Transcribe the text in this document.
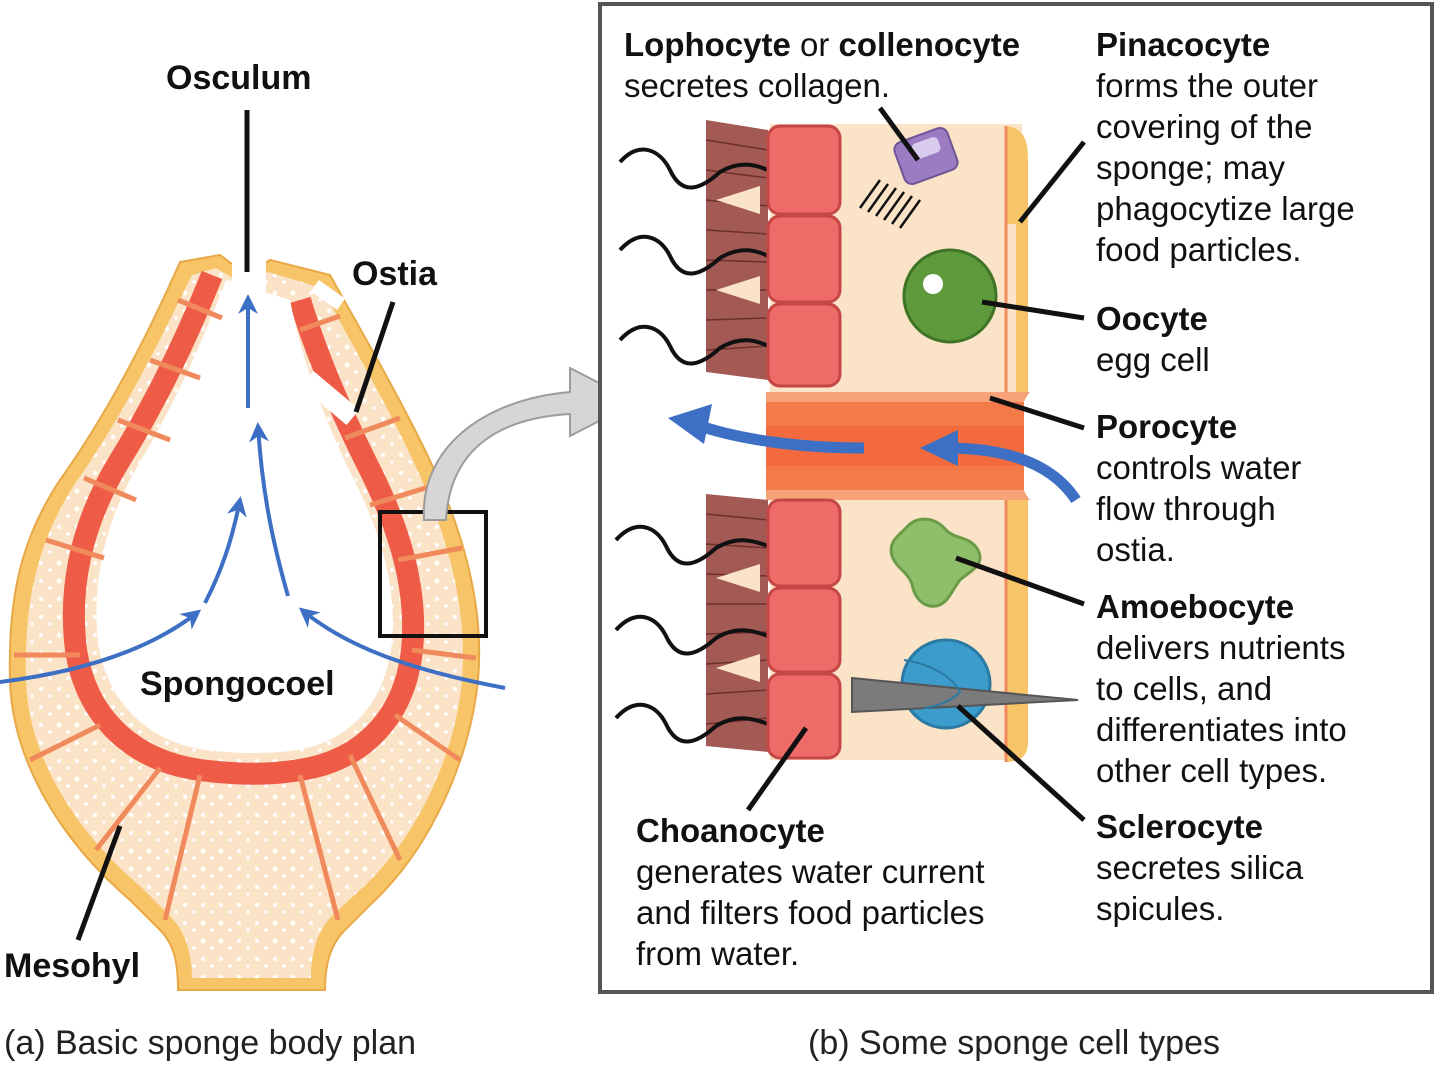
Osculum
Ostia
Spongocoel
Mesohyl
(a) Basic sponge body plan
Lophocyte or collenocyte
secretes collagen.
Pinacocyte
forms the outer
covering of the
sponge; may
phagocytize large
food particles.
Oocyte
egg cell
Porocyte
controls water
flow through
ostia.
Amoebocyte
delivers nutrients
to cells, and
differentiates into
other cell types.
Sclerocyte
secretes silica
spicules.
Choanocyte
generates water current
and filters food particles
from water.
(b) Some sponge cell types
